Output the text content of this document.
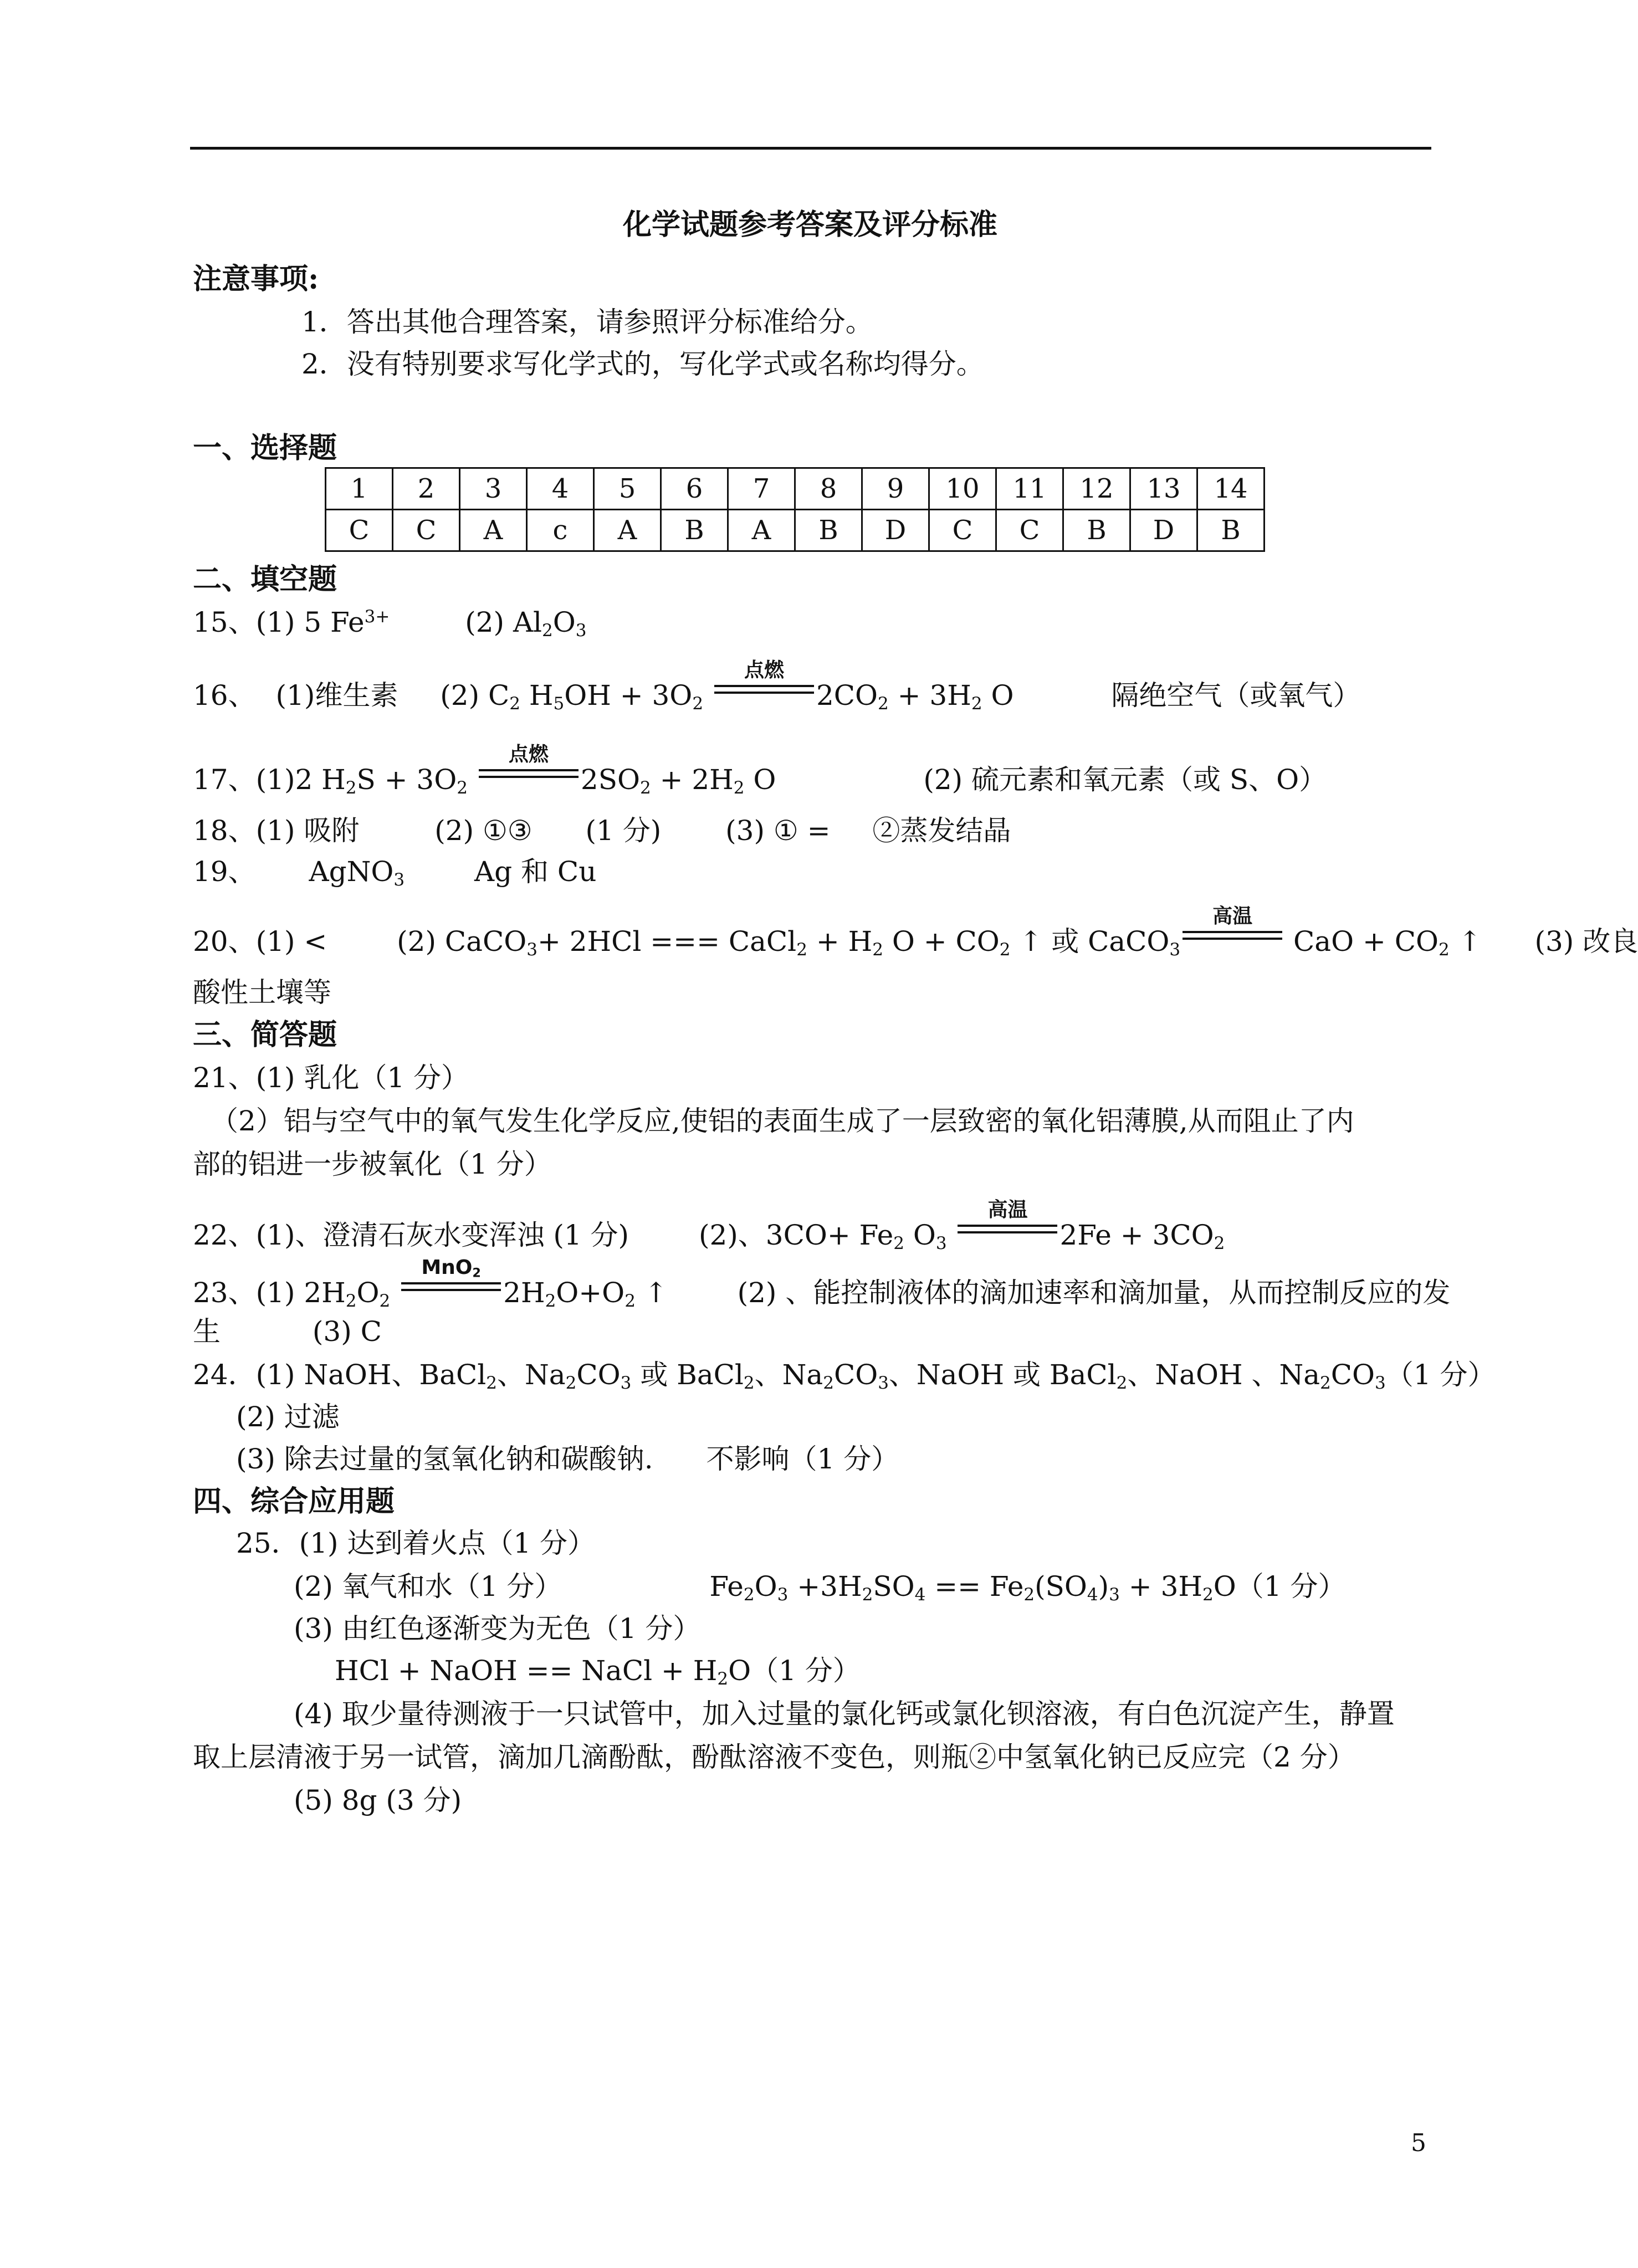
化学试题参考答案及评分标准
注意事项:
1．答出其他合理答案，请参照评分标准给分。
2．没有特别要求写化学式的，写化学式或名称均得分。
一、选择题
1	2	3	4	5	6	7	8	9	10	11	12	13	14
C	C	A	c	A	B	A	B	D	C	C	B	D	B
二、填空题
15、(1) 5 $Fe^{3+}$	(2) $Al_2O_3$
16、 (1)维生素 (2) $C_2$ $H_5OH + 3O_2$
点燃
$2CO_2 + 3H_2$ O	隔绝空气（或氧气）
17、(1)2 $H_2S + 3O_2$
点燃
$2SO_2 + 2H_2$ O	(2) 硫元素和氧元素（或 S、O）
18、(1) 吸附	(2) ①③ (1 分) (3) ① = ②蒸发结晶
19、 AgNO$_3$	Ag 和 Cu
20、(1) <	(2) CaCO$_3$+ 2HCl === CaCl$_2$ + $H_2$ $O + CO_2$ ↑ 或 CaCO$_3$
高温
CaO + $CO_2$ ↑ (3) 改良
酸性土壤等
三、简答题
21、(1) 乳化（1 分）
（2）铝与空气中的氧气发生化学反应,使铝的表面生成了一层致密的氧化铝薄膜,从而阻止了内
部的铝进一步被氧化（1 分）
22、(1)、澄清石灰水变浑浊 (1 分)	(2)、$3CO+ Fe_2$ $O_3$
高温
$2Fe + 3CO_2$
23、(1) $2H_2O_2$
MnO$_2$
$2H_2O+O_2$ ↑ (2) 、能控制液体的滴加速率和滴加量，从而控制反应的发
生	(3) C
24．(1) NaOH、BaCl$_2$、$Na_2CO_3$ 或 BaCl$_2$、$Na_2CO_3$、NaOH 或 BaCl$_2$、NaOH 、$Na_2CO_3(1$ 分）
(2) 过滤
(3) 除去过量的氢氧化钠和碳酸钠. 不影响（1 分）
四、综合应用题
25．(1) 达到着火点（1 分）
(2) 氧气和水（1 分）	$Fe_2O_3 +3H_2SO_4 == Fe_2(SO_4)_3 + 3H_2O(1$ 分）
(3) 由红色逐渐变为无色（1 分）
HCl + NaOH == NaCl + $H_2O(1$ 分）
(4) 取少量待测液于一只试管中，加入过量的氯化钙或氯化钡溶液，有白色沉淀产生，静置
取上层清液于另一试管，滴加几滴酚酞，酚酞溶液不变色，则瓶②中氢氧化钠已反应完（2 分）
(5) 8g (3 分)
5
